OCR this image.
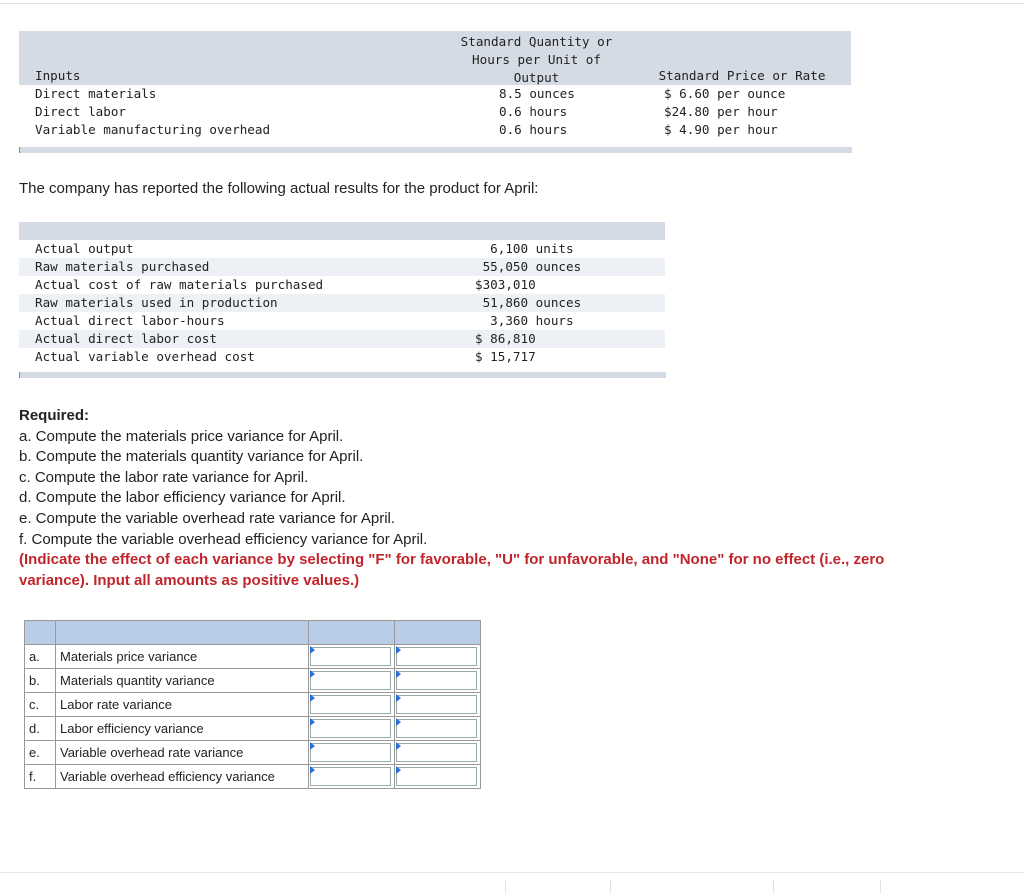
Inputs
Standard Quantity or
Hours per Unit of
Output	Standard Price or Rate
Direct materials	8.5 ounces	$ 6.60 per ounce
Direct labor	0.6 hours	$24.80 per hour
Variable manufacturing overhead	0.6 hours	$ 4.90 per hour
The company has reported the following actual results for the product for April:
Actual output	6,100 units
Raw materials purchased	55,050 ounces
Actual cost of raw materials purchased	$303,010
Raw materials used in production	51,860 ounces
Actual direct labor-hours	3,360 hours
Actual direct labor cost	$ 86,810
Actual variable overhead cost	$ 15,717
Required:
a. Compute the materials price variance for April.
b. Compute the materials quantity variance for April.
c. Compute the labor rate variance for April.
d. Compute the labor efficiency variance for April.
e. Compute the variable overhead rate variance for April.
f. Compute the variable overhead efficiency variance for April.
(Indicate the effect of each variance by selecting "F" for favorable, "U" for unfavorable, and "None" for no effect (i.e., zero
variance). Input all amounts as positive values.)

a.	Materials price variance	

b.	Materials quantity variance	

c.	Labor rate variance	

d.	Labor efficiency variance	

e.	Variable overhead rate variance	

f.	Variable overhead efficiency variance	
